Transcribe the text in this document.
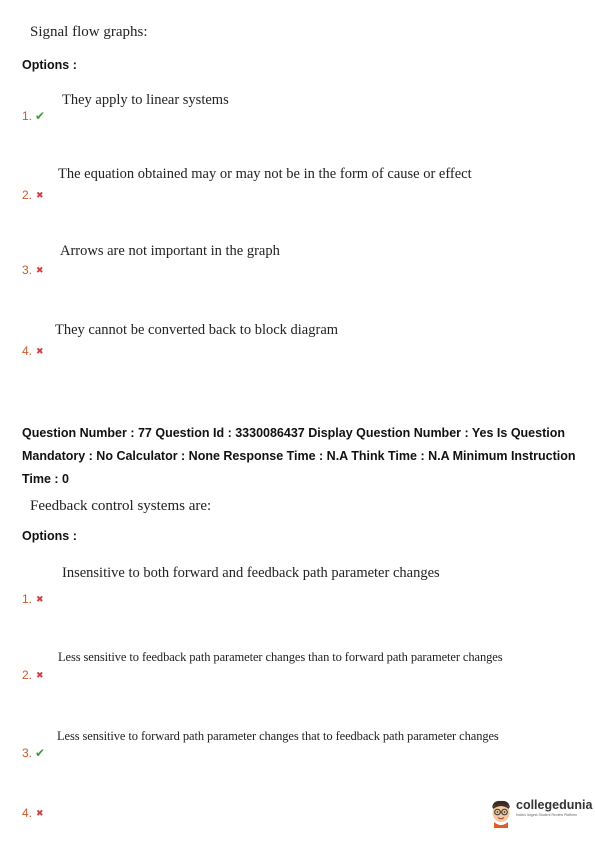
Signal flow graphs:
Options :
They apply to linear systems
1. ✔
The equation obtained may or may not be in the form of cause or effect
2. ✖
Arrows are not important in the graph
3. ✖
They cannot be converted back to block diagram
4. ✖
Question Number : 77 Question Id : 3330086437 Display Question Number : Yes Is Question Mandatory : No Calculator : None Response Time : N.A Think Time : N.A Minimum Instruction Time : 0
Feedback control systems are:
Options :
Insensitive to both forward and feedback path parameter changes
1. ✖
Less sensitive to feedback path parameter changes than to forward path parameter changes
2. ✖
Less sensitive to forward path parameter changes that to feedback path parameter changes
3. ✔
4. ✖
collegedunia
India's largest Student Review Platform
